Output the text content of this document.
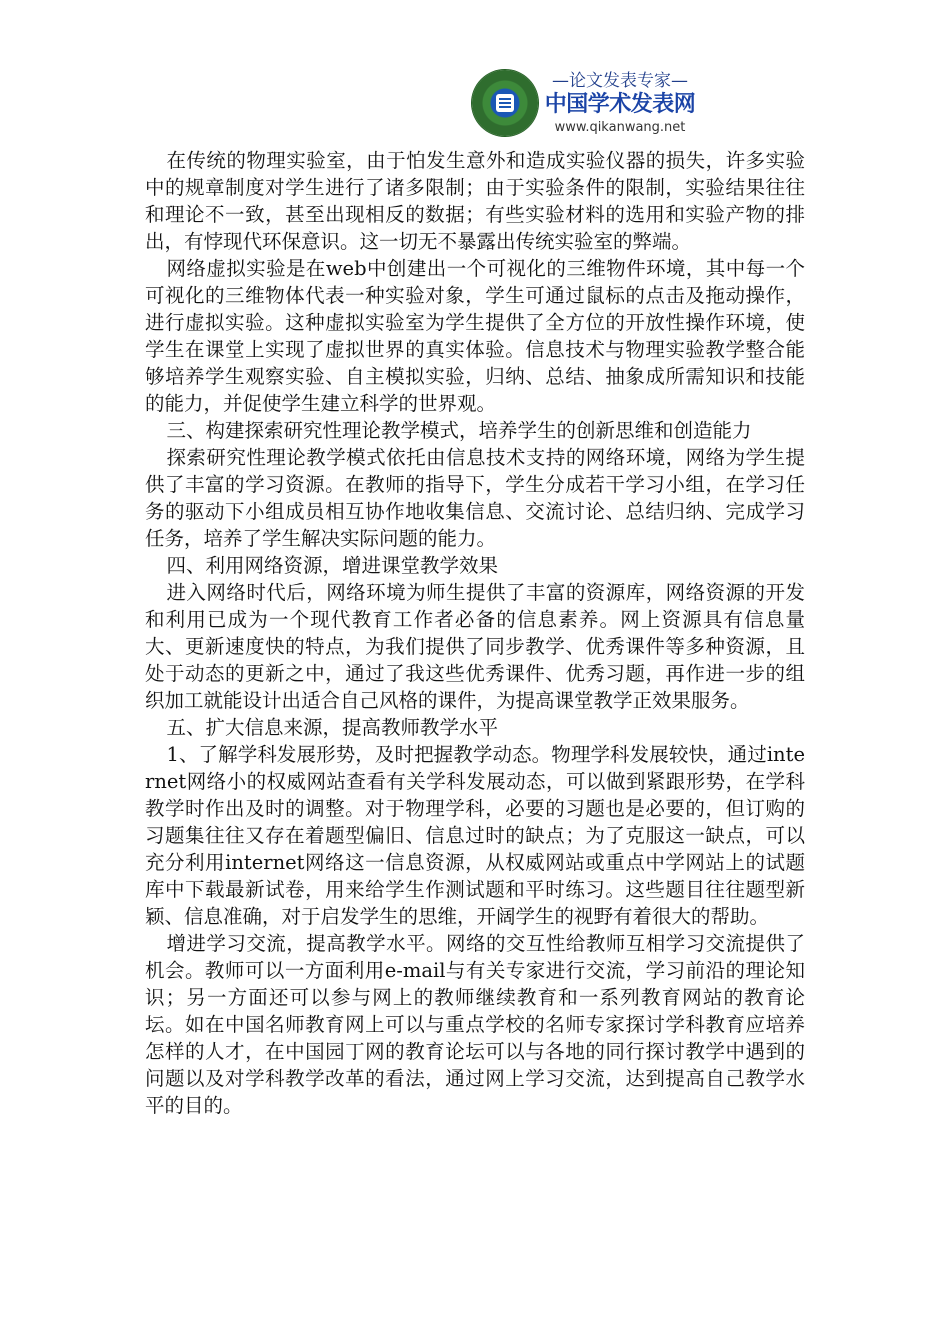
—论文发表专家—
中国学术发表网
www.qikanwang.net

在传统的物理实验室，由于怕发生意外和造成实验仪器的损失，许多实验中的规章制度对学生进行了诸多限制；由于实验条件的限制，实验结果往往和理论不一致，甚至出现相反的数据；有些实验材料的选用和实验产物的排出，有悖现代环保意识。这一切无不暴露出传统实验室的弊端。

网络虚拟实验是在web中创建出一个可视化的三维物件环境，其中每一个可视化的三维物体代表一种实验对象，学生可通过鼠标的点击及拖动操作，进行虚拟实验。这种虚拟实验室为学生提供了全方位的开放性操作环境，使学生在课堂上实现了虚拟世界的真实体验。信息技术与物理实验教学整合能够培养学生观察实验、自主模拟实验，归纳、总结、抽象成所需知识和技能的能力，并促使学生建立科学的世界观。

三、构建探索研究性理论教学模式，培养学生的创新思维和创造能力

探索研究性理论教学模式依托由信息技术支持的网络环境，网络为学生提供了丰富的学习资源。在教师的指导下，学生分成若干学习小组，在学习任务的驱动下小组成员相互协作地收集信息、交流讨论、总结归纳、完成学习任务，培养了学生解决实际问题的能力。

四、利用网络资源，增进课堂教学效果

进入网络时代后，网络环境为师生提供了丰富的资源库，网络资源的开发和利用已成为一个现代教育工作者必备的信息素养。网上资源具有信息量大、更新速度快的特点，为我们提供了同步教学、优秀课件等多种资源，且处于动态的更新之中，通过了我这些优秀课件、优秀习题，再作进一步的组织加工就能设计出适合自己风格的课件，为提高课堂教学正效果服务。

五、扩大信息来源，提高教师教学水平

1、了解学科发展形势，及时把握教学动态。物理学科发展较快，通过internet网络小的权威网站查看有关学科发展动态，可以做到紧跟形势，在学科教学时作出及时的调整。对于物理学科，必要的习题也是必要的，但订购的习题集往往又存在着题型偏旧、信息过时的缺点；为了克服这一缺点，可以充分利用internet网络这一信息资源，从权威网站或重点中学网站上的试题库中下载最新试卷，用来给学生作测试题和平时练习。这些题目往往题型新颖、信息准确，对于启发学生的思维，开阔学生的视野有着很大的帮助。

增进学习交流，提高教学水平。网络的交互性给教师互相学习交流提供了机会。教师可以一方面利用e-mail与有关专家进行交流，学习前沿的理论知识；另一方面还可以参与网上的教师继续教育和一系列教育网站的教育论坛。如在中国名师教育网上可以与重点学校的名师专家探讨学科教育应培养怎样的人才，在中国园丁网的教育论坛可以与各地的同行探讨教学中遇到的问题以及对学科教学改革的看法，通过网上学习交流，达到提高自己教学水平的目的。
